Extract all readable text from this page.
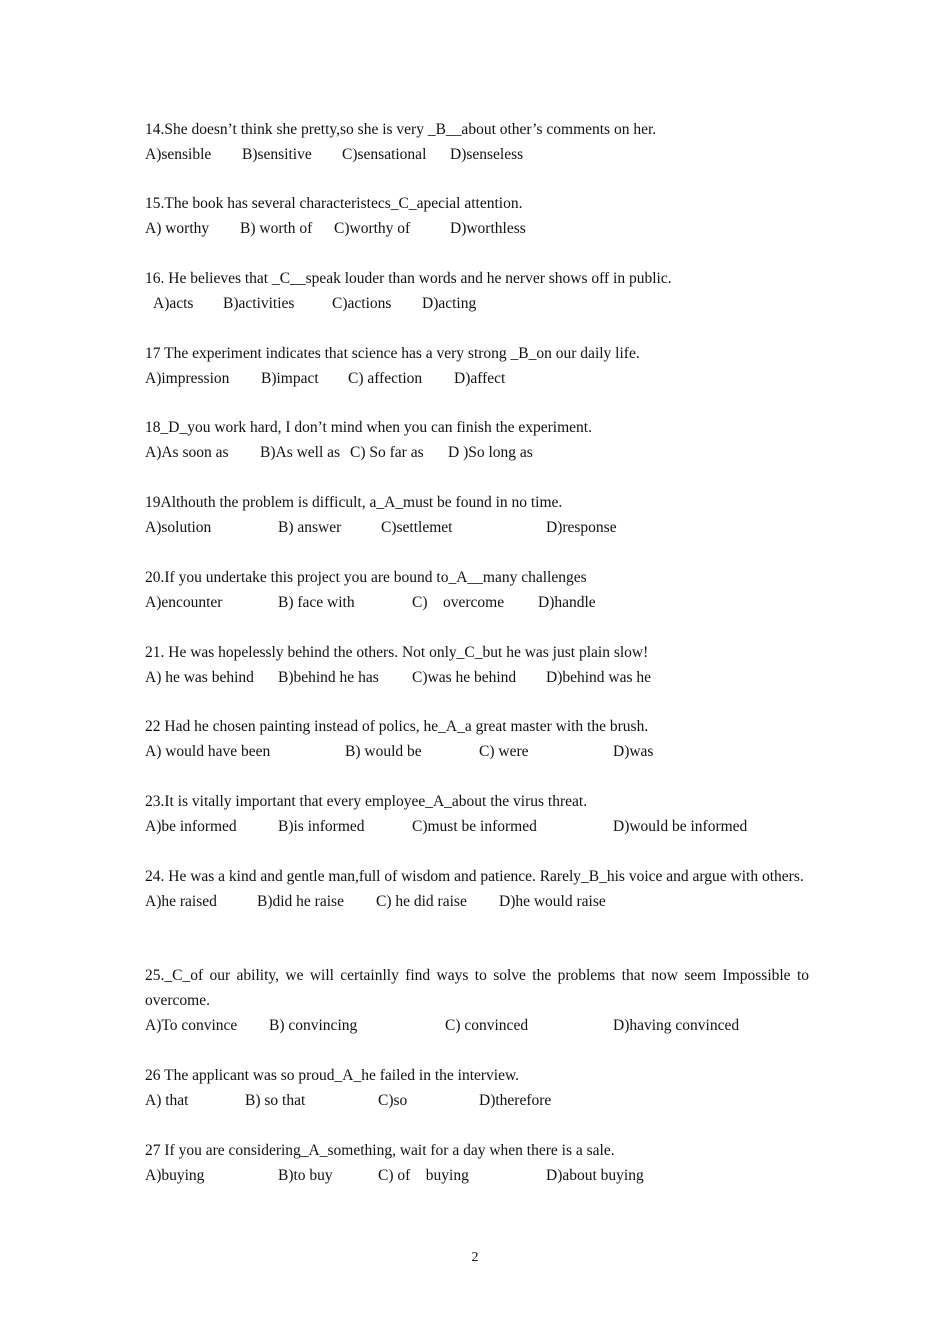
14.She doesn’t think she pretty,so she is very _B__about other’s comments on her.
A)sensible B)sensitive C)sensational D)senseless
15.The book has several characteristecs_C_apecial attention.
A) worthy B) worth of C)worthy of	D)worthless
16. He believes that _C__speak louder than words and he nerver shows off in public.
A)acts B)activities C)actions D)acting
17 The experiment indicates that science has a very strong _B_on our daily life.
A)impression B)impact C) affection D)affect
18_D_you work hard, I don’t mind when you can finish the experiment.
A)As soon as B)As well as C) So far as D )So long as
19Althouth the problem is difficult, a_A_must be found in no time.
A)solution	B) answer	C)settlemet	D)response
20.If you undertake this project you are bound to_A__many challenges
A)encounter	B) face with	C)    overcome D)handle
21. He was hopelessly behind the others. Not only_C_but he was just plain slow!
A) he was behind B)behind he has C)was he behind D)behind was he
22 Had he chosen painting instead of polics, he_A_a great master with the brush.
A) would have been	B) would be	C) were	D)was
23.It is vitally important that every employee_A_about the virus threat.
A)be informed	B)is informed	C)must be informed	D)would be informed
24. He was a kind and gentle man,full of wisdom and patience. Rarely_B_his voice and argue with others.
A)he raised	B)did he raise C) he did raise D)he would raise
25._C_of our ability, we will certainlly find ways to solve the problems that now seem Impossible to overcome.
A)To convince B) convincing	C) convinced	D)having convinced
26 The applicant was so proud_A_he failed in the interview.
A) that	B) so that	C)so	D)therefore
27 If you are considering_A_something, wait for a day when there is a sale.
A)buying	B)to buy	C) of    buying	D)about buying
2
